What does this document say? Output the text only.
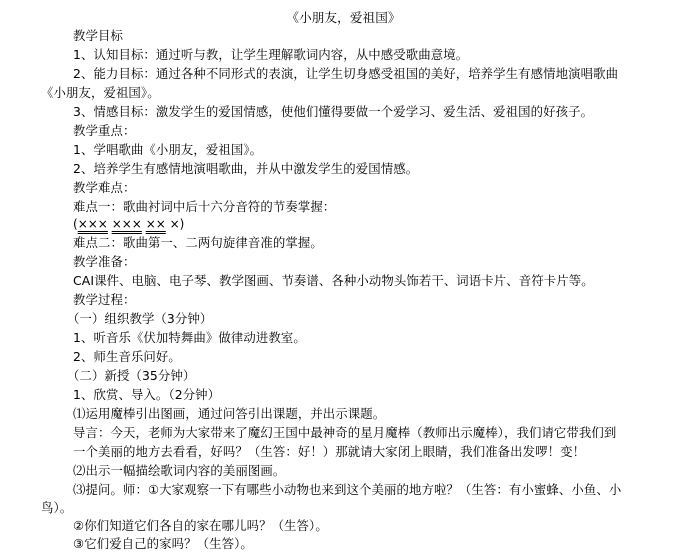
《小朋友，爱祖国》
教学目标
1、认知目标：通过听与教，让学生理解歌词内容，从中感受歌曲意境。
2、能力目标：通过各种不同形式的表演，让学生切身感受祖国的美好，培养学生有感情地演唱歌曲
《小朋友，爱祖国》。
3、情感目标：激发学生的爱国情感，使他们懂得要做一个爱学习、爱生活、爱祖国的好孩子。
教学重点：
1、学唱歌曲《小朋友，爱祖国》。
2、培养学生有感情地演唱歌曲，并从中激发学生的爱国情感。
教学难点：
难点一：歌曲衬词中后十六分音符的节奏掌握：
(××× ××× ×× ×)
难点二：歌曲第一、二两句旋律音准的掌握。
教学准备：
CAI课件、电脑、电子琴、教学图画、节奏谱、各种小动物头饰若干、词语卡片、音符卡片等。
教学过程：
（一）组织教学（3分钟）
1、听音乐《伏加特舞曲》做律动进教室。
2、师生音乐问好。
（二）新授（35分钟）
1、欣赏、导入。（2分钟）
⑴运用魔棒引出图画，通过问答引出课题，并出示课题。
导言：今天，老师为大家带来了魔幻王国中最神奇的星月魔棒（教师出示魔棒），我们请它带我们到
一个美丽的地方去看看，好吗？（生答：好！）那就请大家闭上眼睛，我们准备出发啰！变！
⑵出示一幅描绘歌词内容的美丽图画。
⑶提问。师：①大家观察一下有哪些小动物也来到这个美丽的地方啦？（生答：有小蜜蜂、小鱼、小
鸟）。
②你们知道它们各自的家在哪儿吗？（生答）。
③它们爱自己的家吗？（生答）。
